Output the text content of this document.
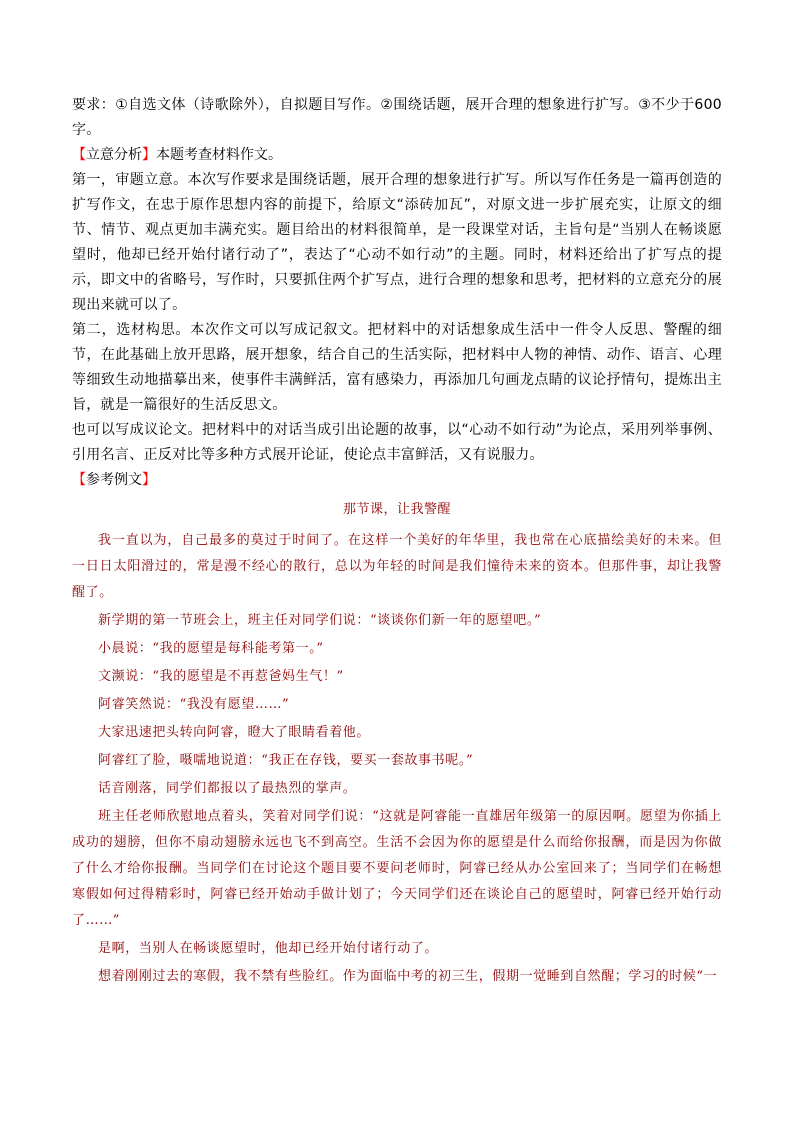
要求：①自选文体（诗歌除外），自拟题目写作。②围绕话题，展开合理的想象进行扩写。③不少于600字。

【立意分析】本题考查材料作文。

第一，审题立意。本次写作要求是围绕话题，展开合理的想象进行扩写。所以写作任务是一篇再创造的扩写作文，在忠于原作思想内容的前提下，给原文“添砖加瓦”，对原文进一步扩展充实，让原文的细节、情节、观点更加丰满充实。题目给出的材料很简单，是一段课堂对话，主旨句是“当别人在畅谈愿望时，他却已经开始付诸行动了”，表达了“心动不如行动”的主题。同时，材料还给出了扩写点的提示，即文中的省略号，写作时，只要抓住两个扩写点，进行合理的想象和思考，把材料的立意充分的展现出来就可以了。

第二，选材构思。本次作文可以写成记叙文。把材料中的对话想象成生活中一件令人反思、警醒的细节，在此基础上放开思路，展开想象，结合自己的生活实际，把材料中人物的神情、动作、语言、心理等细致生动地描摹出来，使事件丰满鲜活，富有感染力，再添加几句画龙点睛的议论抒情句，提炼出主旨，就是一篇很好的生活反思文。

也可以写成议论文。把材料中的对话当成引出论题的故事，以“心动不如行动”为论点，采用列举事例、引用名言、正反对比等多种方式展开论证，使论点丰富鲜活，又有说服力。

【参考例文】

那节课，让我警醒

我一直以为，自己最多的莫过于时间了。在这样一个美好的年华里，我也常在心底描绘美好的未来。但一日日太阳滑过的，常是漫不经心的散行，总以为年轻的时间是我们憧待未来的资本。但那件事，却让我警醒了。

新学期的第一节班会上，班主任对同学们说：“谈谈你们新一年的愿望吧。”

小晨说：“我的愿望是每科能考第一。”

文濒说：“我的愿望是不再惹爸妈生气！”

阿睿笑然说：“我没有愿望……”

大家迅速把头转向阿睿，瞪大了眼睛看着他。

阿睿红了脸，嗫嚅地说道：“我正在存钱，要买一套故事书呢。”

话音刚落，同学们都报以了最热烈的掌声。

班主任老师欣慰地点着头，笑着对同学们说：“这就是阿睿能一直雄居年级第一的原因啊。愿望为你插上成功的翅膀，但你不扇动翅膀永远也飞不到高空。生活不会因为你的愿望是什么而给你报酬，而是因为你做了什么才给你报酬。当同学们在讨论这个题目要不要问老师时，阿睿已经从办公室回来了；当同学们在畅想寒假如何过得精彩时，阿睿已经开始动手做计划了；今天同学们还在谈论自己的愿望时，阿睿已经开始行动了……”

是啊，当别人在畅谈愿望时，他却已经开始付诸行动了。

想着刚刚过去的寒假，我不禁有些脸红。作为面临中考的初三生，假期一觉睡到自然醒；学习的时候“一
